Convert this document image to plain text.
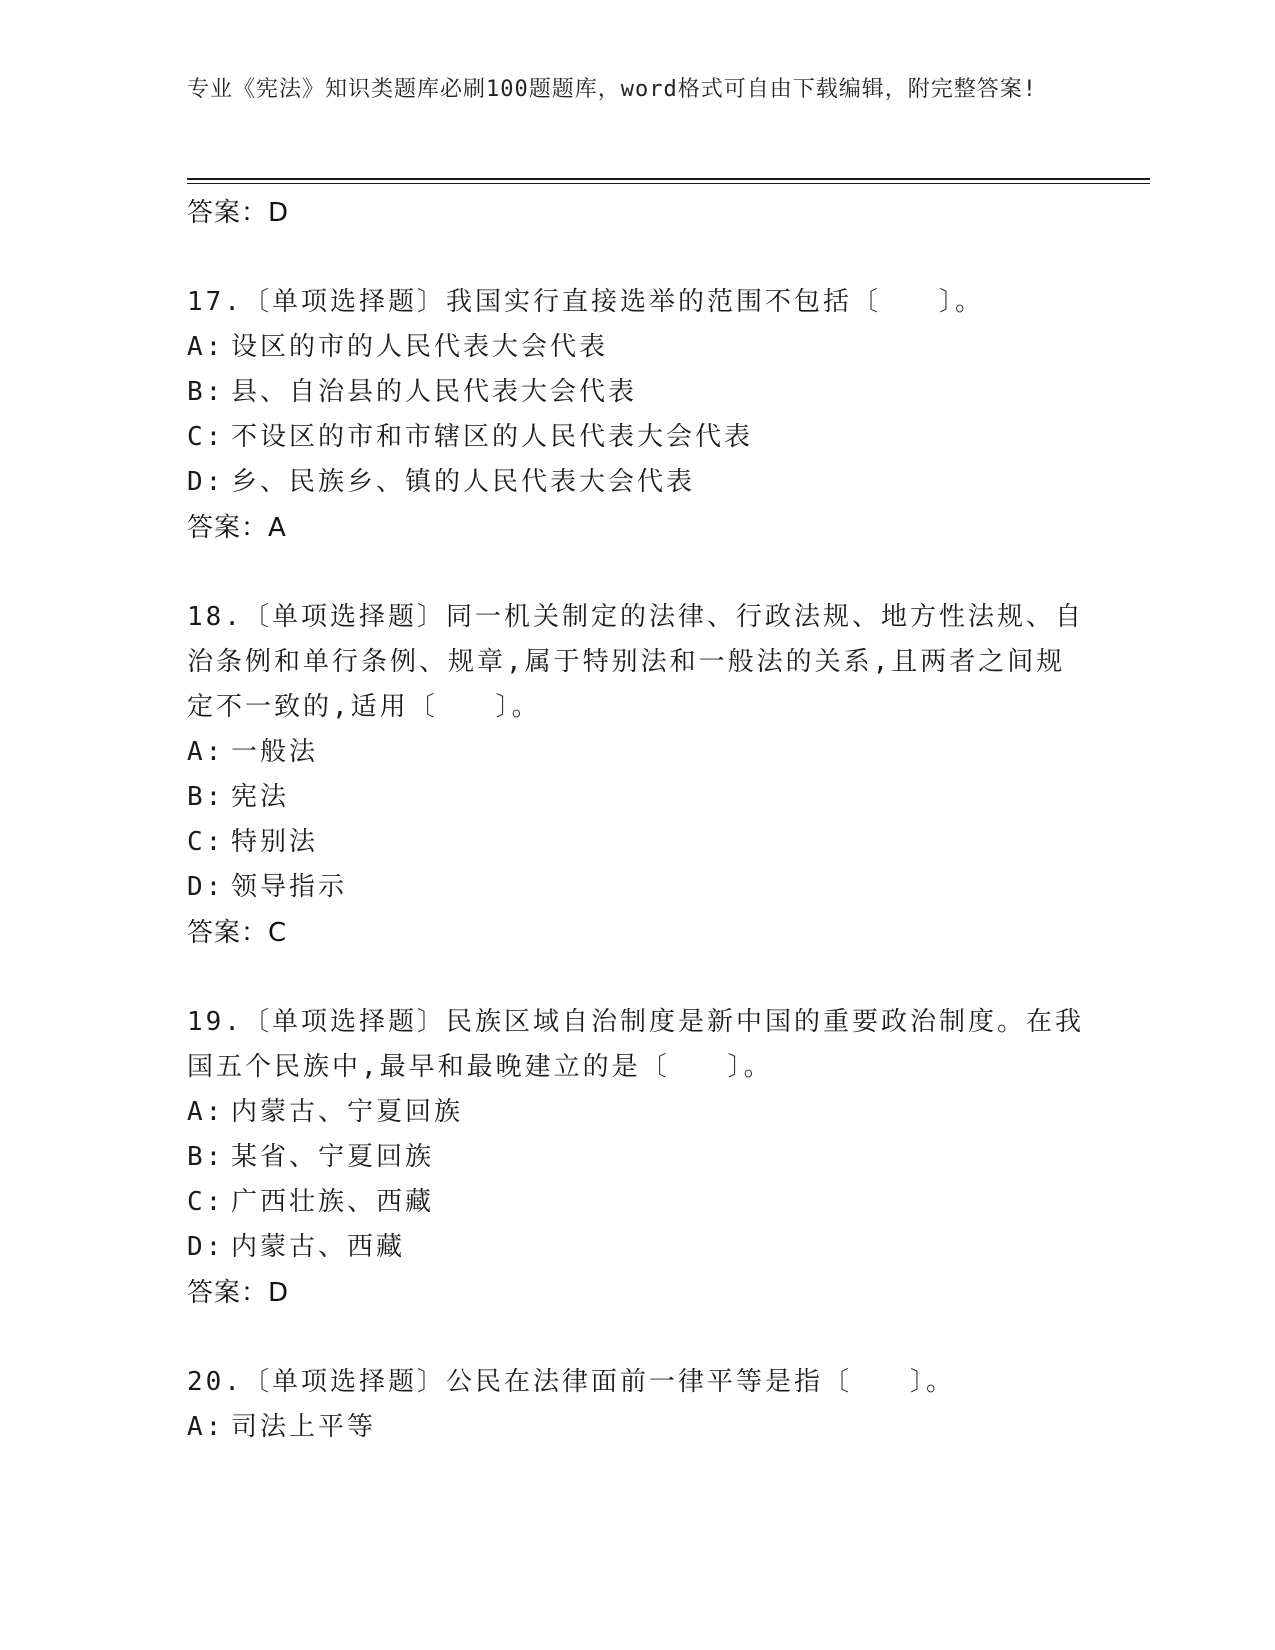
专业《宪法》知识类题库必刷100题题库，word格式可自由下载编辑，附完整答案!
答案：D
17.〔单项选择题〕我国实行直接选举的范围不包括〔　　〕。
A: 设区的市的人民代表大会代表
B: 县、自治县的人民代表大会代表
C: 不设区的市和市辖区的人民代表大会代表
D: 乡、民族乡、镇的人民代表大会代表
答案：A
18.〔单项选择题〕同一机关制定的法律、行政法规、地方性法规、自治条例和单行条例、规章,属于特别法和一般法的关系,且两者之间规定不一致的,适用〔　　〕。
A: 一般法
B: 宪法
C: 特别法
D: 领导指示
答案：C
19.〔单项选择题〕民族区域自治制度是新中国的重要政治制度。在我国五个民族中,最早和最晚建立的是〔　　〕。
A: 内蒙古、宁夏回族
B: 某省、宁夏回族
C: 广西壮族、西藏
D: 内蒙古、西藏
答案：D
20.〔单项选择题〕公民在法律面前一律平等是指〔　　〕。
A: 司法上平等
